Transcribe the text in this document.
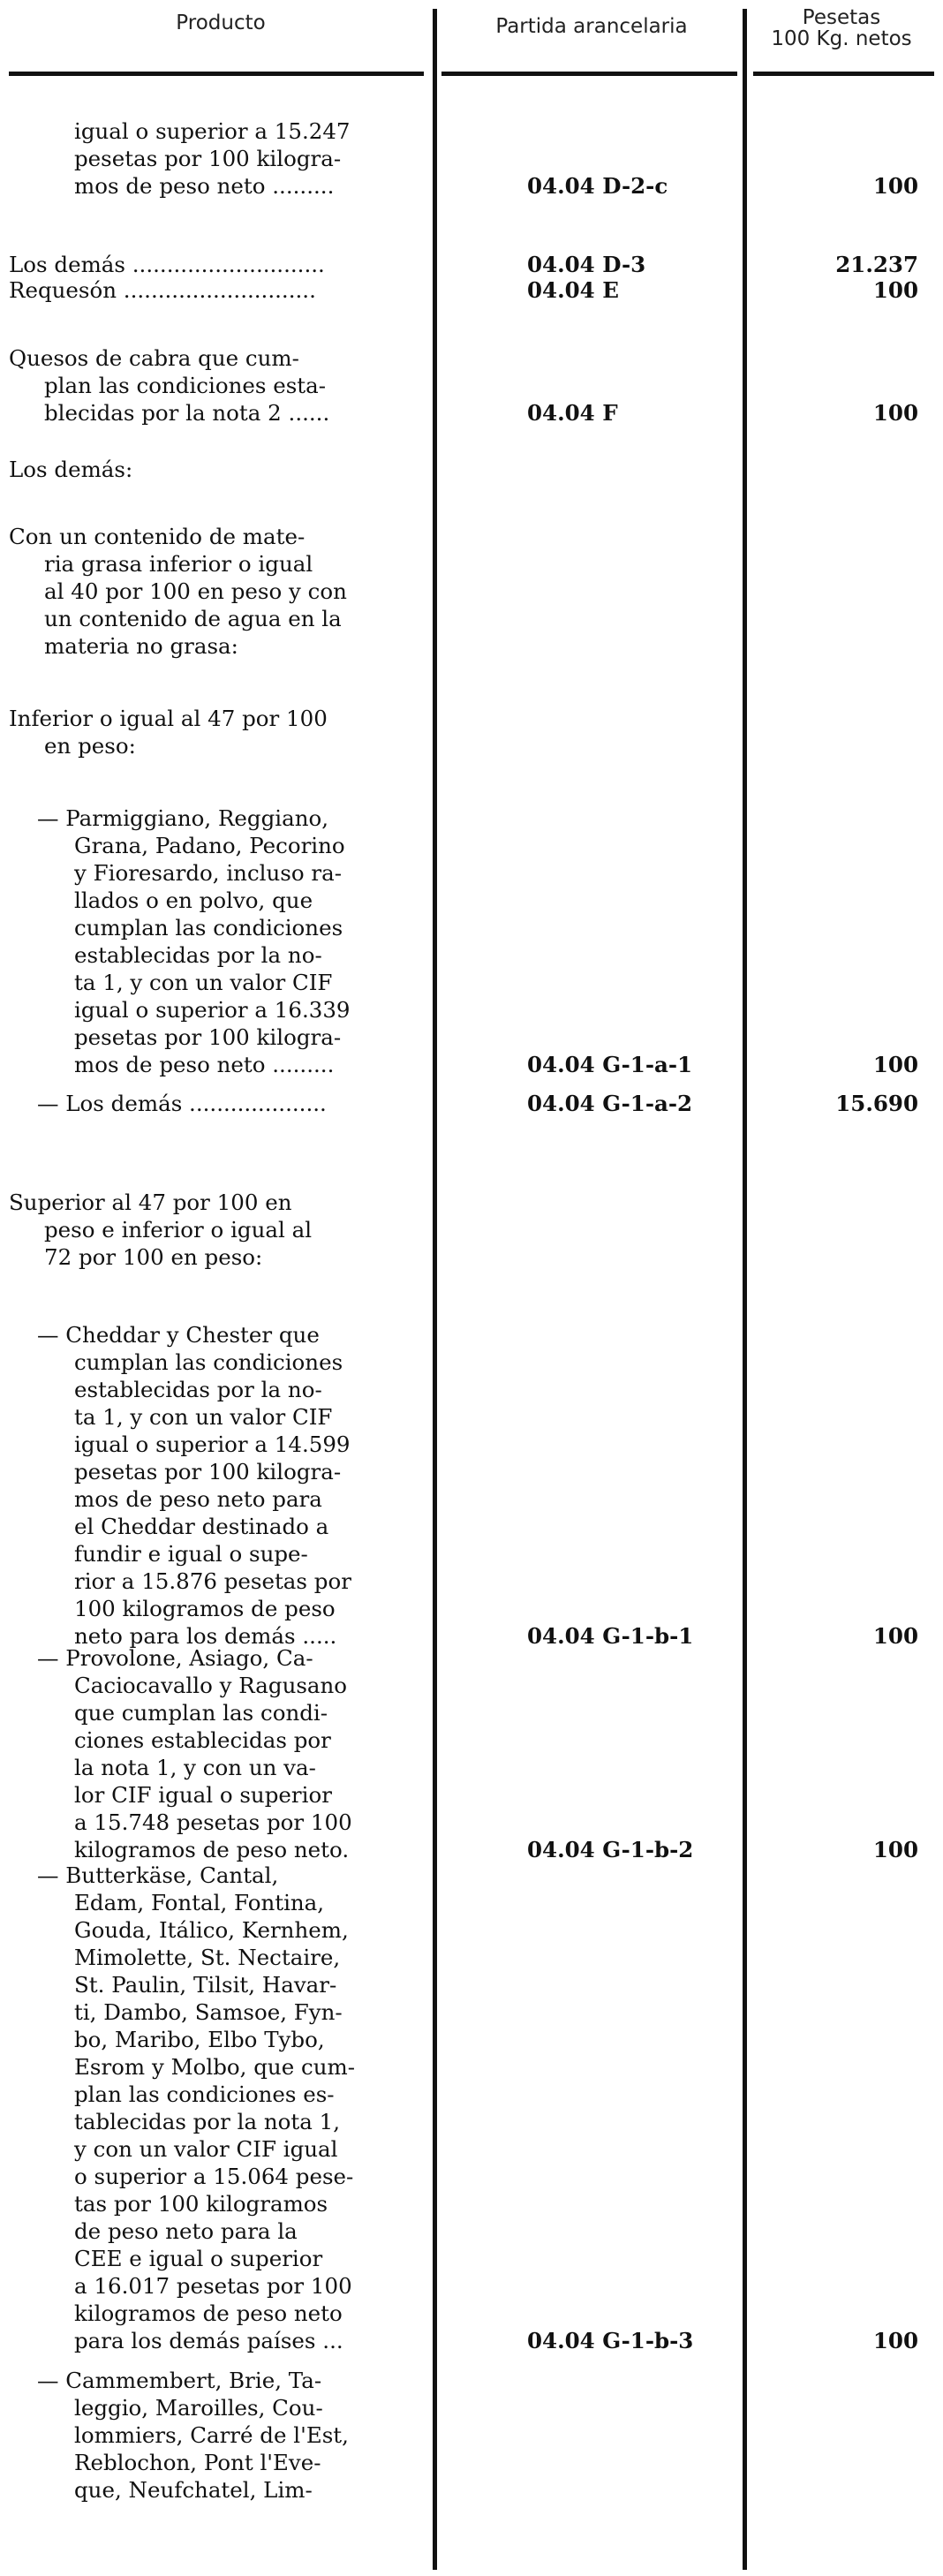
Producto	Partida arancelaria	Pesetas
100 Kg. netos
igual o superior a 15.247
pesetas por 100 kilogra-
mos de peso neto .........	04.04 D-2-c	100
Los demás ............................	04.04 D-3	21.237
Requesón ............................	04.04 E	100
Quesos de cabra que cum-
plan las condiciones esta-
blecidas por la nota 2 ......	04.04 F	100
Los demás:
Con un contenido de mate-
ria grasa inferior o igual
al 40 por 100 en peso y con
un contenido de agua en la
materia no grasa:
Inferior o igual al 47 por 100
en peso:
— Parmiggiano, Reggiano,
Grana, Padano, Pecorino
y Fioresardo, incluso ra-
llados o en polvo, que
cumplan las condiciones
establecidas por la no-
ta 1, y con un valor CIF
igual o superior a 16.339
pesetas por 100 kilogra-
mos de peso neto .........	04.04 G-1-a-1	100
— Los demás ....................	04.04 G-1-a-2	15.690
Superior al 47 por 100 en
peso e inferior o igual al
72 por 100 en peso:
— Cheddar y Chester que
cumplan las condiciones
establecidas por la no-
ta 1, y con un valor CIF
igual o superior a 14.599
pesetas por 100 kilogra-
mos de peso neto para
el Cheddar destinado a
fundir e igual o supe-
rior a 15.876 pesetas por
100 kilogramos de peso
neto para los demás .....	04.04 G-1-b-1	100
— Provolone, Asiago, Ca-
Caciocavallo y Ragusano
que cumplan las condi-
ciones establecidas por
la nota 1, y con un va-
lor CIF igual o superior
a 15.748 pesetas por 100
kilogramos de peso neto.	04.04 G-1-b-2	100
— Butterkäse, Cantal,
Edam, Fontal, Fontina,
Gouda, Itálico, Kernhem,
Mimolette, St. Nectaire,
St. Paulin, Tilsit, Havar-
ti, Dambo, Samsoe, Fyn-
bo, Maribo, Elbo Tybo,
Esrom y Molbo, que cum-
plan las condiciones es-
tablecidas por la nota 1,
y con un valor CIF igual
o superior a 15.064 pese-
tas por 100 kilogramos
de peso neto para la
CEE e igual o superior
a 16.017 pesetas por 100
kilogramos de peso neto
para los demás países ...	04.04 G-1-b-3	100
— Cammembert, Brie, Ta-
leggio, Maroilles, Cou-
lommiers, Carré de l'Est,
Reblochon, Pont l'Eve-
que, Neufchatel, Lim-
